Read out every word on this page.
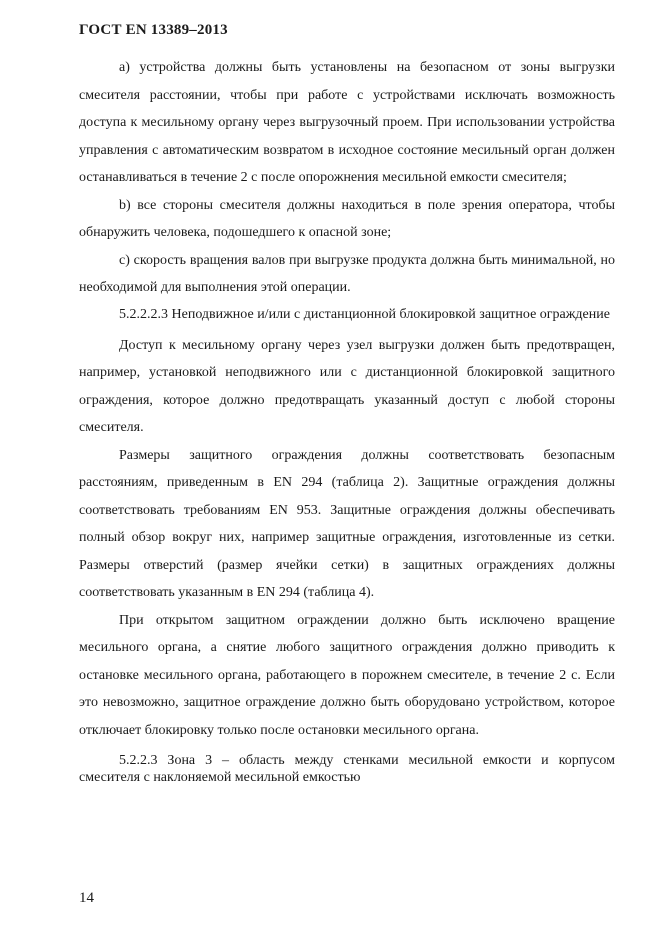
ГОСТ EN 13389–2013

а) устройства должны быть установлены на безопасном от зоны выгрузки смесителя расстоянии, чтобы при работе с устройствами исключать возможность доступа к месильному органу через выгрузочный проем. При использовании устройства управления с автоматическим возвратом в исходное состояние месильный орган должен останавливаться в течение 2 с после опорожнения месильной емкости смесителя;

b) все стороны смесителя должны находиться в поле зрения оператора, чтобы обнаружить человека, подошедшего к опасной зоне;

с) скорость вращения валов при выгрузке продукта должна быть минимальной, но необходимой для выполнения этой операции.

5.2.2.2.3 Неподвижное и/или с дистанционной блокировкой защитное ограждение

Доступ к месильному органу через узел выгрузки должен быть предотвращен, например, установкой неподвижного или с дистанционной блокировкой защитного ограждения, которое должно предотвращать указанный доступ с любой стороны смесителя.

Размеры защитного ограждения должны соответствовать безопасным расстояниям, приведенным в EN 294 (таблица 2). Защитные ограждения должны соответствовать требованиям EN 953. Защитные ограждения должны обеспечивать полный обзор вокруг них, например защитные ограждения, изготовленные из сетки. Размеры отверстий (размер ячейки сетки) в защитных ограждениях должны соответствовать указанным в EN 294 (таблица 4).

При открытом защитном ограждении должно быть исключено вращение месильного органа, а снятие любого защитного ограждения должно приводить к остановке месильного органа, работающего в порожнем смесителе, в течение 2 с. Если это невозможно, защитное ограждение должно быть оборудовано устройством, которое отключает блокировку только после остановки месильного органа.

5.2.2.3 Зона 3 – область между стенками месильной емкости и корпусом смесителя с наклоняемой месильной емкостью

14
